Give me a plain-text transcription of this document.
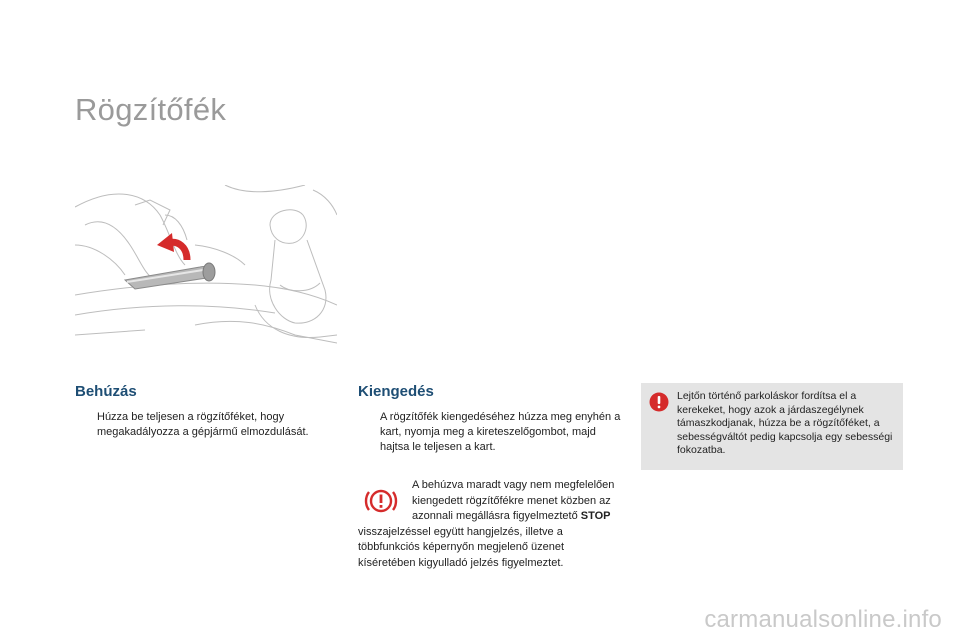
Rögzítőfék
Behúzás
Húzza be teljesen a rögzítőféket, hogy megakadályozza a gépjármű elmozdulását.
Kiengedés
A rögzítőfék kiengedéséhez húzza meg enyhén a kart, nyomja meg a kireteszelőgombot, majd hajtsa le teljesen a kart.
A behúzva maradt vagy nem megfelelően kiengedett rögzítőfékre menet közben az azonnali megállásra figyelmeztető STOP visszajelzéssel együtt hangjelzés, illetve a többfunkciós képernyőn megjelenő üzenet kíséretében kigyulladó jelzés figyelmeztet.
Lejtőn történő parkoláskor fordítsa el a kerekeket, hogy azok a járdaszegélynek támaszkodjanak, húzza be a rögzítőféket, a sebességváltót pedig kapcsolja egy sebességi fokozatba.
carmanualsonline.info
